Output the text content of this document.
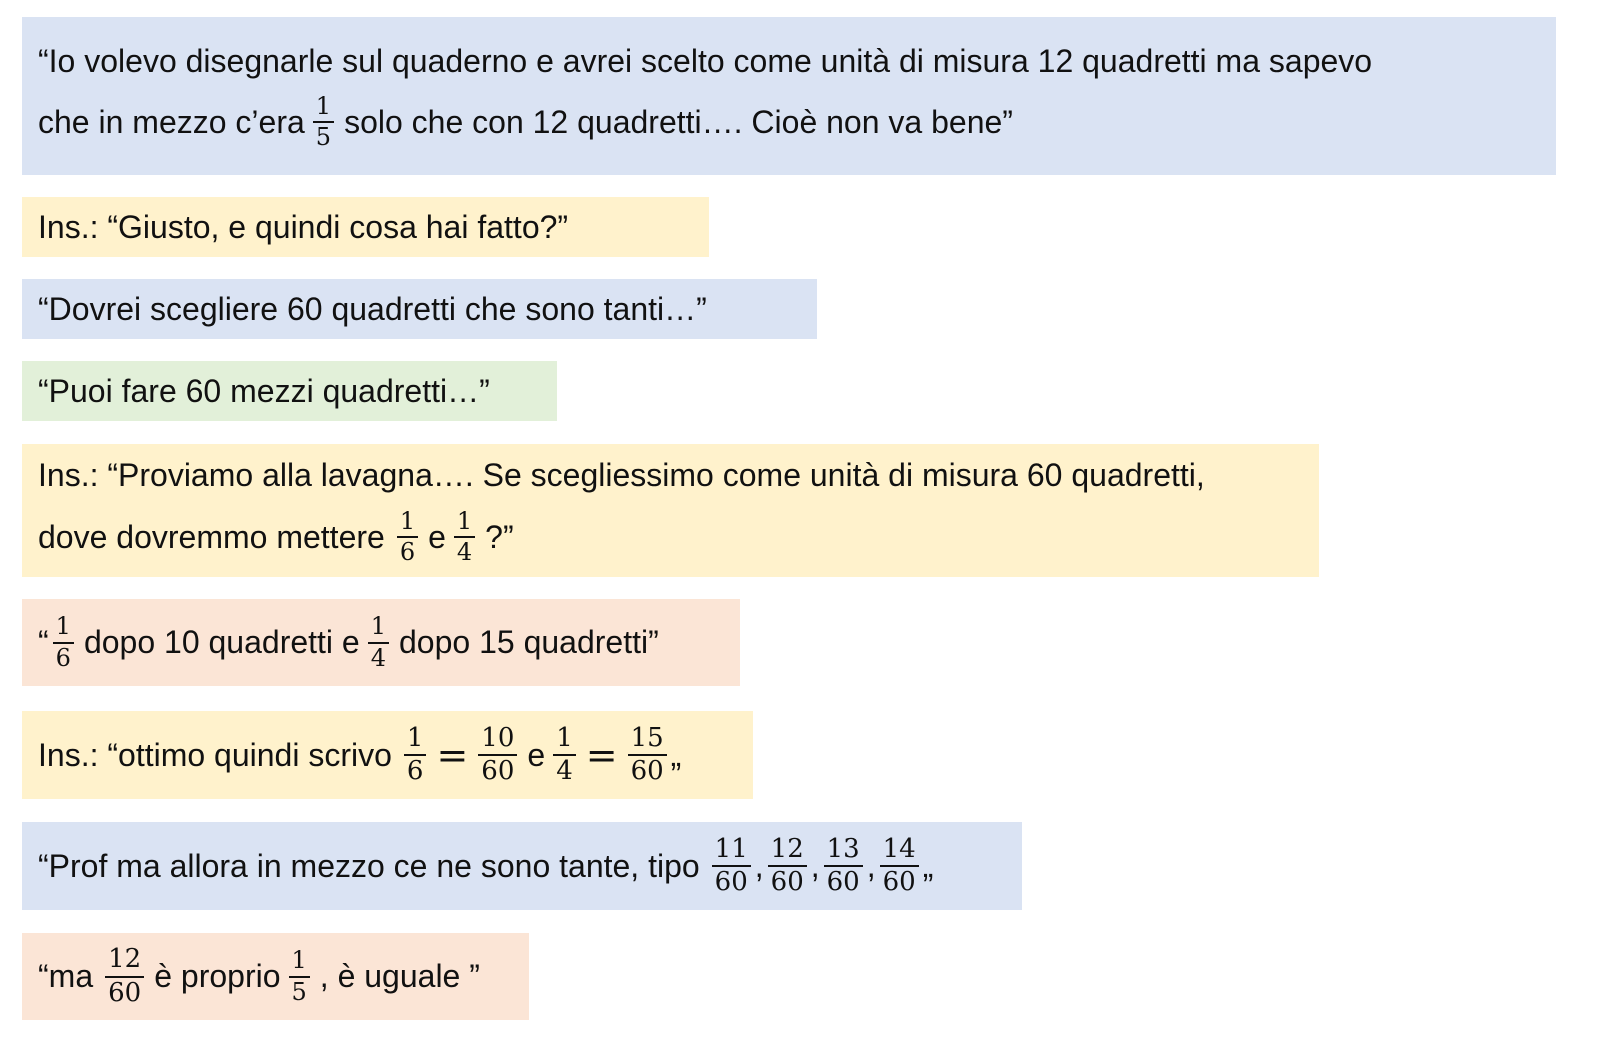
“Io volevo disegnarle sul quaderno e avrei scelto come unità di misura 12 quadretti ma sapevo
che in mezzo c’era $\frac{1}{5}$ solo che con 12 quadretti…. Cioè non va bene”
Ins.: “Giusto, e quindi cosa hai fatto?”
“Dovrei scegliere 60 quadretti che sono tanti…”
“Puoi fare 60 mezzi quadretti…”
Ins.: “Proviamo alla lavagna…. Se scegliessimo come unità di misura 60 quadretti,
dove dovremmo mettere $\frac{1}{6}$ e $\frac{1}{4}$ ?”
“ $\frac{1}{6}$ dopo 10 quadretti e $\frac{1}{4}$ dopo 15 quadretti”
Ins.: “ottimo quindi scrivo $\frac{1}{6} = \frac{10}{60}$ e $\frac{1}{4} = \frac{15}{60}$ „
“Prof ma allora in mezzo ce ne sono tante, tipo $\frac{11}{60}$ , $\frac{12}{60}$ , $\frac{13}{60}$ , $\frac{14}{60}$ „
“ma $\frac{12}{60}$ è proprio $\frac{1}{5}$ , è uguale ”
